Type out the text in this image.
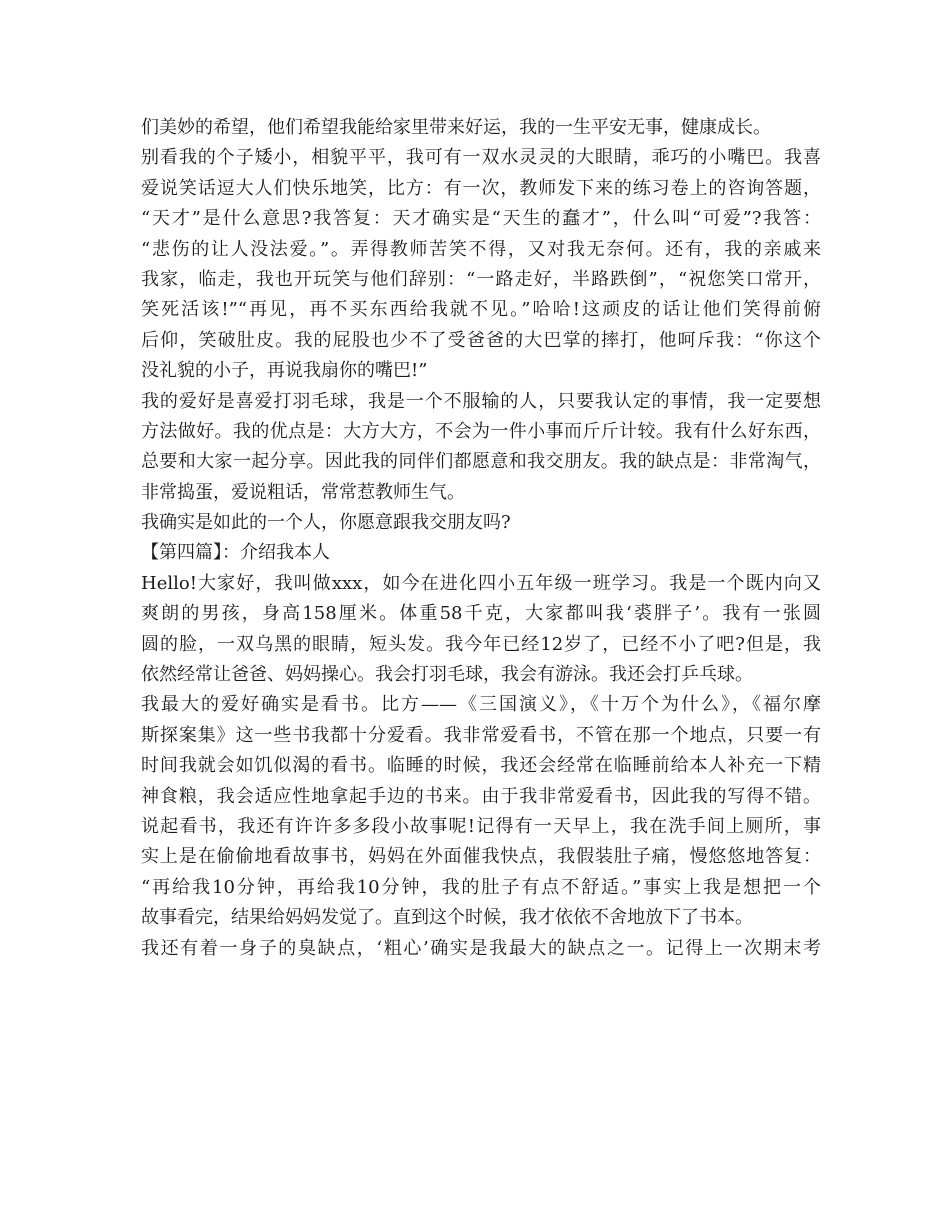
们美妙的希望，他们希望我能给家里带来好运，我的一生平安无事，健康成长。
别看我的个子矮小，相貌平平，我可有一双水灵灵的大眼睛，乖巧的小嘴巴。我喜
爱说笑话逗大人们快乐地笑，比方：有一次，教师发下来的练习卷上的咨询答题，
“天才”是什么意思?我答复：天才确实是“天生的蠢才”，什么叫“可爱”?我答：
“悲伤的让人没法爱。”。弄得教师苦笑不得，又对我无奈何。还有，我的亲戚来
我家，临走，我也开玩笑与他们辞别：“一路走好，半路跌倒”，“祝您笑口常开，
笑死活该!”“再见，再不买东西给我就不见。”哈哈!这顽皮的话让他们笑得前俯
后仰，笑破肚皮。我的屁股也少不了受爸爸的大巴掌的摔打，他呵斥我：“你这个
没礼貌的小子，再说我扇你的嘴巴!”
我的爱好是喜爱打羽毛球，我是一个不服输的人，只要我认定的事情，我一定要想
方法做好。我的优点是：大方大方，不会为一件小事而斤斤计较。我有什么好东西，
总要和大家一起分享。因此我的同伴们都愿意和我交朋友。我的缺点是：非常淘气，
非常捣蛋，爱说粗话，常常惹教师生气。
我确实是如此的一个人，你愿意跟我交朋友吗?
【第四篇】：介绍我本人
Hello!大家好，我叫做xxx，如今在进化四小五年级一班学习。我是一个既内向又
爽朗的男孩，身高158厘米。体重58千克，大家都叫我‘裘胖子’。我有一张圆
圆的脸，一双乌黑的眼睛，短头发。我今年已经12岁了，已经不小了吧?但是，我
依然经常让爸爸、妈妈操心。我会打羽毛球，我会有游泳。我还会打乒乓球。
我最大的爱好确实是看书。比方——《三国演义》，《十万个为什么》，《福尔摩
斯探案集》这一些书我都十分爱看。我非常爱看书，不管在那一个地点，只要一有
时间我就会如饥似渴的看书。临睡的时候，我还会经常在临睡前给本人补充一下精
神食粮，我会适应性地拿起手边的书来。由于我非常爱看书，因此我的写得不错。
说起看书，我还有许许多多段小故事呢!记得有一天早上，我在洗手间上厕所，事
实上是在偷偷地看故事书，妈妈在外面催我快点，我假装肚子痛，慢悠悠地答复：
“再给我10分钟，再给我10分钟，我的肚子有点不舒适。”事实上我是想把一个
故事看完，结果给妈妈发觉了。直到这个时候，我才依依不舍地放下了书本。
我还有着一身子的臭缺点，‘粗心’确实是我最大的缺点之一。记得上一次期末考
